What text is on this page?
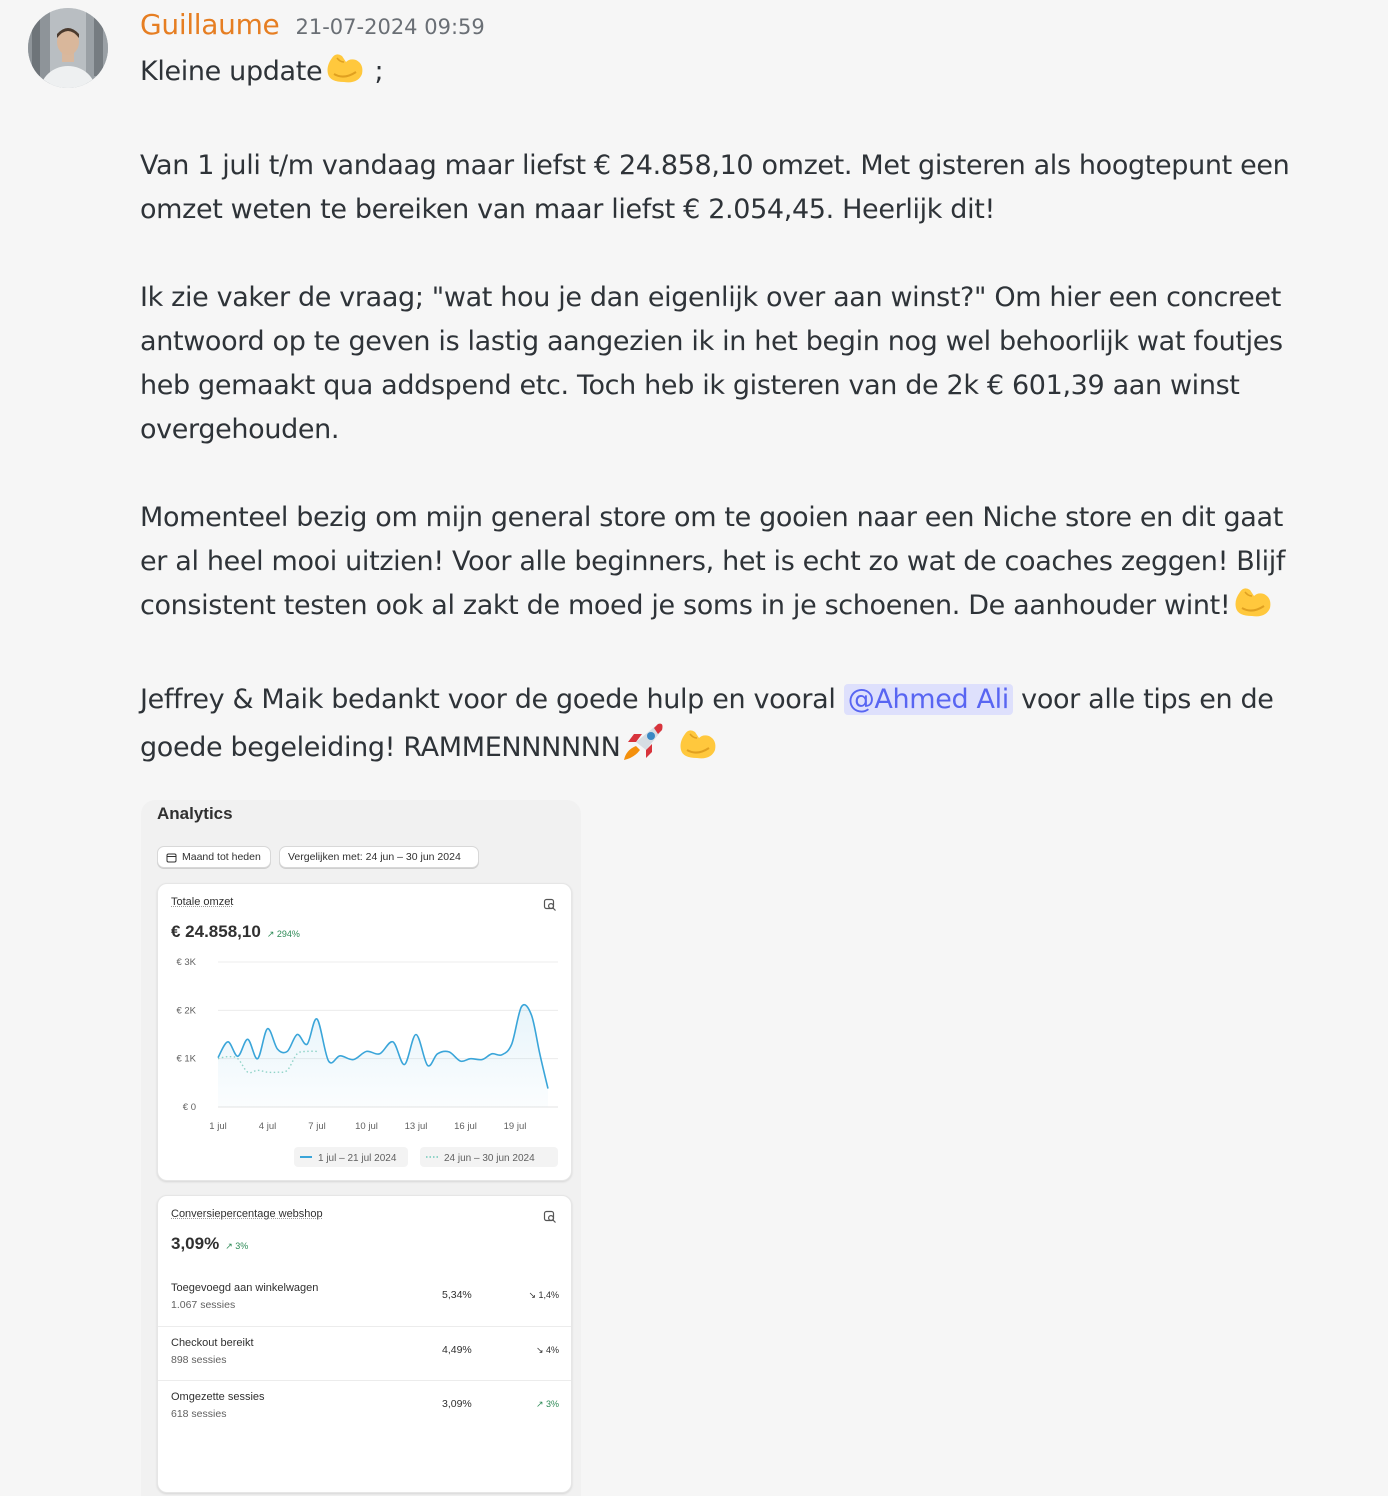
Guillaume 21-07-2024 09:59

Kleine update ;

Van 1 juli t/m vandaag maar liefst € 24.858,10 omzet. Met gisteren als hoogtepunt een omzet weten te bereiken van maar liefst € 2.054,45. Heerlijk dit!

Ik zie vaker de vraag; "wat hou je dan eigenlijk over aan winst?" Om hier een concreet antwoord op te geven is lastig aangezien ik in het begin nog wel behoorlijk wat foutjes heb gemaakt qua addspend etc. Toch heb ik gisteren van de 2k € 601,39 aan winst overgehouden.

Momenteel bezig om mijn general store om te gooien naar een Niche store en dit gaat er al heel mooi uitzien! Voor alle beginners, het is echt zo wat de coaches zeggen! Blijf consistent testen ook al zakt de moed je soms in je schoenen. De aanhouder wint!

Jeffrey & Maik bedankt voor de goede hulp en vooral @Ahmed Ali voor alle tips en de goede begeleiding! RAMMENNNNNN

Analytics
Maand tot heden	Vergelijken met: 24 jun – 30 jun 2024
Totale omzet
€ 24.858,10 ↗ 294%
€ 0
€ 1K
€ 2K
€ 3K
1 jul	4 jul	7 jul	10 jul	13 jul	16 jul	19 jul
1 jul – 21 jul 2024	24 jun – 30 jun 2024
Conversiepercentage webshop
3,09% ↗ 3%
Toegevoegd aan winkelwagen
1.067 sessies
5,34%	↘ 1,4%
Checkout bereikt
898 sessies
4,49%	↘ 4%
Omgezette sessies
618 sessies
3,09%	↗ 3%
